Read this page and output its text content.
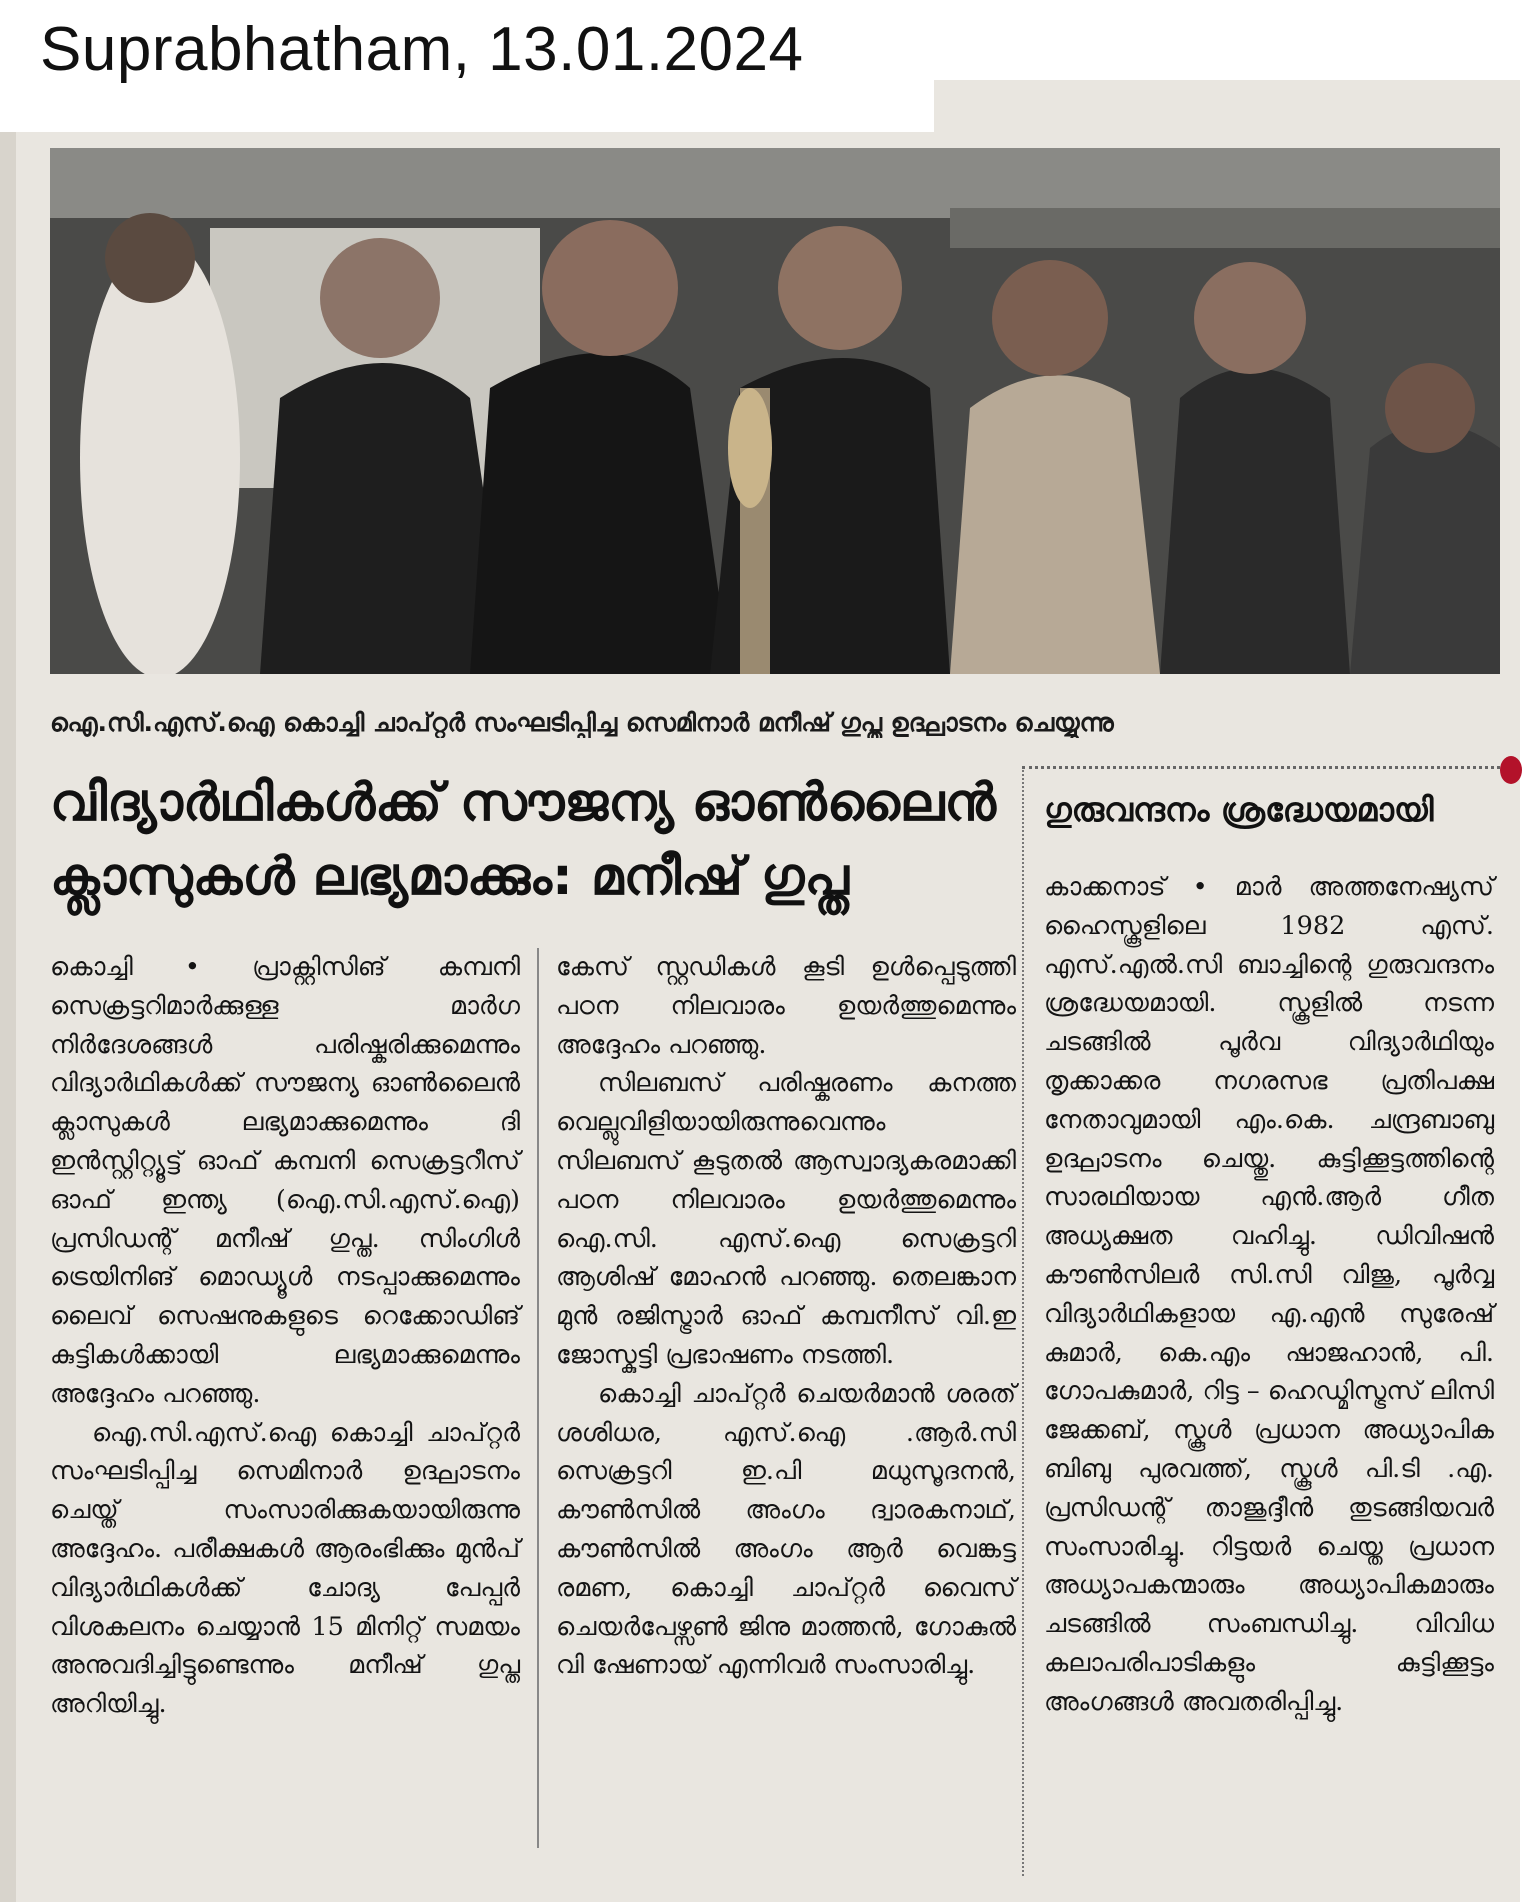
Suprabhatham, 13.01.2024
ഐ.സി.എസ്.ഐ കൊച്ചി ചാപ്റ്റർ സംഘടിപ്പിച്ച സെമിനാർ മനീഷ് ഗുപ്ത ഉദ്ഘാടനം ചെയ്യുന്നു
വിദ്യാർഥികൾക്ക് സൗജന്യ ഓൺലൈൻ
ക്ലാസുകൾ ലഭ്യമാക്കും: മനീഷ് ഗുപ്ത

കൊച്ചി • പ്രാക്റ്റിസിങ് കമ്പനി സെക്രട്ടറിമാർക്കുള്ള മാർഗ നിർദേശങ്ങൾ പരിഷ്കരിക്കുമെന്നും വിദ്യാർഥികൾക്ക് സൗജന്യ ഓൺലൈൻ ക്ലാസുകൾ ലഭ്യമാക്കുമെന്നും ദി ഇൻസ്റ്റിറ്റ്യൂട്ട് ഓഫ് കമ്പനി സെക്രട്ടറീസ് ഓഫ് ഇന്ത്യ (ഐ.സി.എസ്.ഐ) പ്രസിഡന്റ് മനീഷ് ഗുപ്ത. സിംഗിൾ ട്രെയിനിങ് മൊഡ്യൂൾ നടപ്പാക്കുമെന്നും ലൈവ് സെഷനുകളുടെ റെക്കോഡിങ് കുട്ടികൾക്കായി ലഭ്യമാക്കുമെന്നും അദ്ദേഹം പറഞ്ഞു.

ഐ.സി.എസ്.ഐ കൊച്ചി ചാപ്റ്റർ സംഘടിപ്പിച്ച സെമിനാർ ഉദ്ഘാടനം ചെയ്ത് സംസാരിക്കുകയായിരുന്നു അദ്ദേഹം. പരീക്ഷകൾ ആരംഭിക്കും മുൻപ് വിദ്യാർഥികൾക്ക് ചോദ്യ പേപ്പർ വിശകലനം ചെയ്യാൻ 15 മിനിറ്റ് സമയം അനുവദിച്ചിട്ടുണ്ടെന്നും മനീഷ് ഗുപ്ത അറിയിച്ചു.

കേസ് സ്റ്റഡികൾ കൂടി ഉൾപ്പെടുത്തി പഠന നിലവാരം ഉയർത്തുമെന്നും അദ്ദേഹം പറഞ്ഞു.

സിലബസ് പരിഷ്കരണം കനത്ത വെല്ലുവിളിയായിരുന്നുവെന്നും സിലബസ് കൂടുതൽ ആസ്വാദ്യകരമാക്കി പഠന നിലവാരം ഉയർത്തുമെന്നും ഐ.സി. എസ്.ഐ സെക്രട്ടറി ആശിഷ് മോഹൻ പറഞ്ഞു. തെലങ്കാന മുൻ രജിസ്ട്രാർ ഓഫ് കമ്പനീസ് വി.ഇ ജോസ്കുട്ടി പ്രഭാഷണം നടത്തി.

കൊച്ചി ചാപ്റ്റർ ചെയർമാൻ ശരത് ശശിധര, എസ്.ഐ .ആർ.സി സെക്രട്ടറി ഇ.പി മധുസൂദനൻ, കൗൺസിൽ അംഗം ദ്വാരകനാഥ്, കൗൺസിൽ അംഗം ആർ വെങ്കട്ട രമണ, കൊച്ചി ചാപ്റ്റർ വൈസ് ചെയർപേഴ്സൺ ജിനു മാത്തൻ, ഗോകുൽ വി ഷേണായ് എന്നിവർ സംസാരിച്ചു.

ഗുരുവന്ദനം ശ്രദ്ധേയമായി
കാക്കനാട് • മാർ അത്തനേഷ്യസ് ഹൈസ്കൂളിലെ 1982 എസ്. എസ്.എൽ.സി ബാച്ചിന്റെ ഗുരുവന്ദനം ശ്രദ്ധേയമായി. സ്കൂളിൽ നടന്ന ചടങ്ങിൽ പൂർവ വിദ്യാർഥിയും തൃക്കാക്കര നഗരസഭ പ്രതിപക്ഷ നേതാവുമായി എം.കെ. ചന്ദ്രബാബു ഉദ്ഘാടനം ചെയ്തു. കുട്ടിക്കൂട്ടത്തിന്റെ സാരഥിയായ എൻ.ആർ ഗീത അധ്യക്ഷത വഹിച്ചു. ഡിവിഷൻ കൗൺസിലർ സി.സി വിജു, പൂർവ്വ വിദ്യാർഥികളായ എ.എൻ സുരേഷ് കുമാർ, കെ.എം ഷാജഹാൻ, പി. ഗോപകുമാർ, റിട്ട – ഹെഡ്മിസ്ട്രസ് ലിസി ജേക്കബ്, സ്കൂൾ പ്രധാന അധ്യാപിക ബിബു പുരവത്ത്, സ്കൂൾ പി.ടി .എ. പ്രസിഡന്റ് താജുദ്ദീൻ തുടങ്ങിയവർ സംസാരിച്ചു. റിട്ടയർ ചെയ്ത പ്രധാന അധ്യാപകന്മാരും അധ്യാപികമാരും ചടങ്ങിൽ സംബന്ധിച്ചു. വിവിധ കലാപരിപാടികളും കുട്ടിക്കൂട്ടം അംഗങ്ങൾ അവതരിപ്പിച്ചു.
